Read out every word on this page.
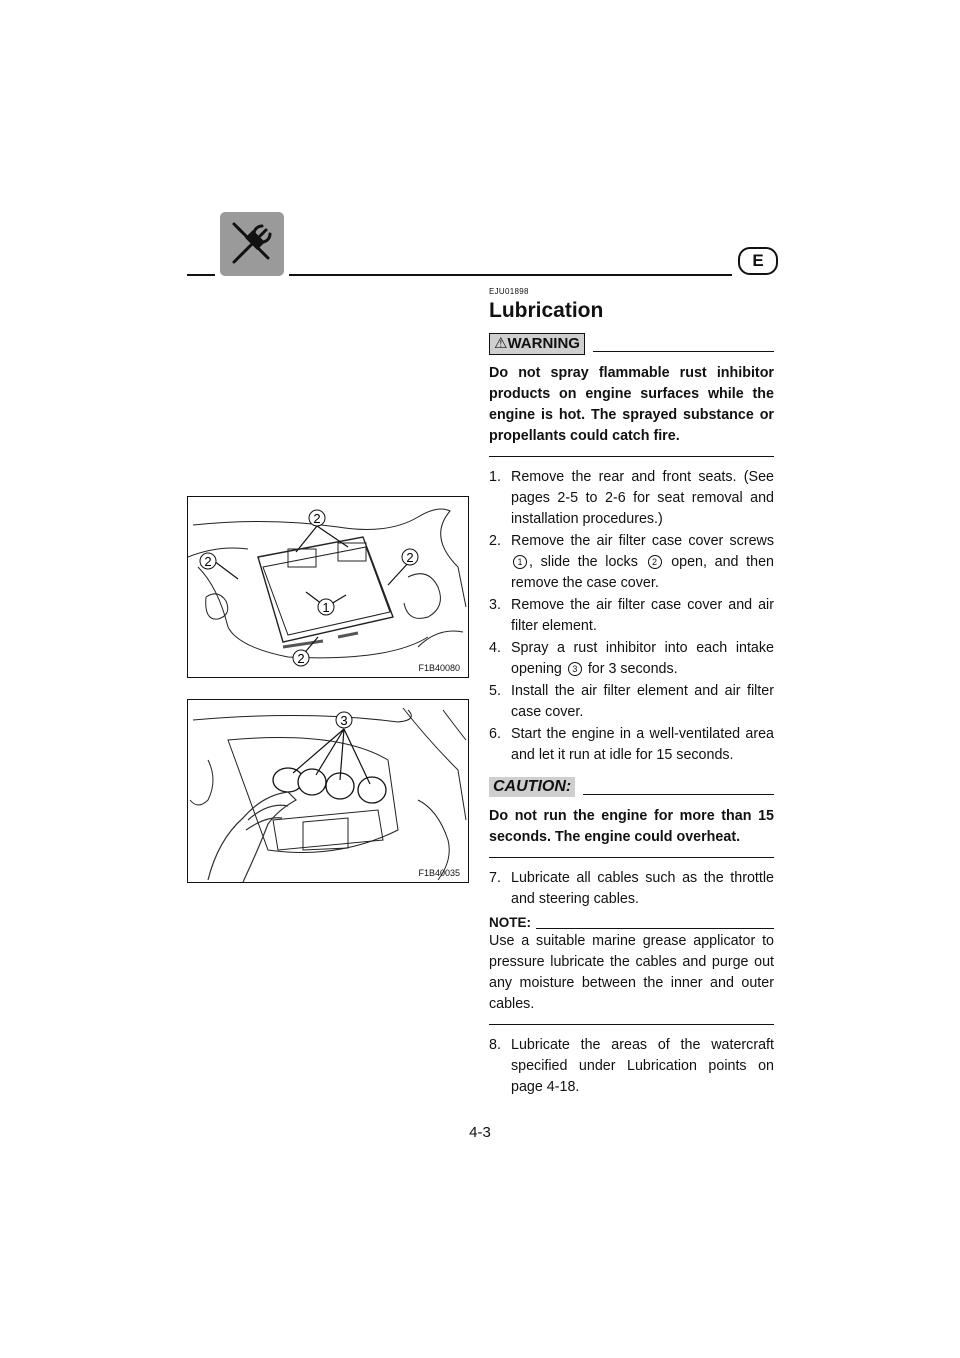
E
2
2	2
1
2
F1B40080
3
F1B40035

EJU01898

Lubrication
⚠WARNING

Do not spray flammable rust inhibitor products on engine surfaces while the engine is hot. The sprayed substance or propellants could catch fire.

1. Remove the rear and front seats. (See pages 2-5 to 2-6 for seat removal and installation procedures.)
2. Remove the air filter case cover screws 1 , slide the locks 2 open, and then remove the case cover.
3. Remove the air filter case cover and air filter element.
4. Spray a rust inhibitor into each intake opening 3 for 3 seconds.
5. Install the air filter element and air filter case cover.
6. Start the engine in a well-ventilated area and let it run at idle for 15 seconds.
CAUTION:

Do not run the engine for more than 15 seconds. The engine could overheat.

7. Lubricate all cables such as the throttle and steering cables.
NOTE:

Use a suitable marine grease applicator to pressure lubricate the cables and purge out any moisture between the inner and outer cables.

8. Lubricate the areas of the watercraft specified under Lubrication points on page 4-18.
4-3
